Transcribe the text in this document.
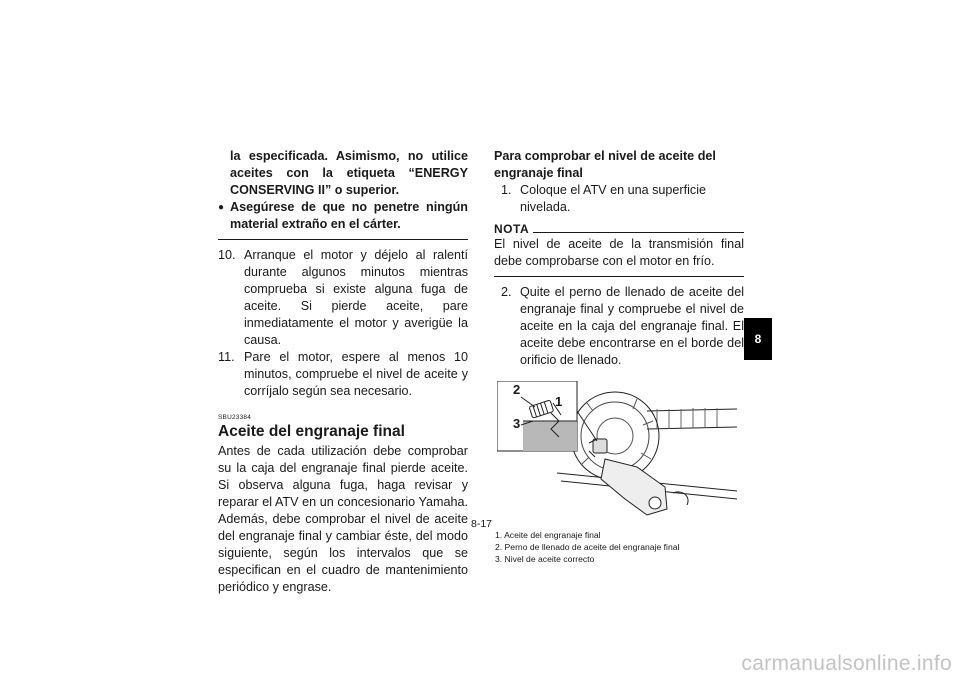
la especificada. Asimismo, no utilice aceites con la etiqueta “ENERGY CONSERVING II” o superior.
● Asegúrese de que no penetre ningún material extraño en el cárter.
10. Arranque el motor y déjelo al ralentí durante algunos minutos mientras comprueba si existe alguna fuga de aceite. Si pierde aceite, pare inmediatamente el motor y averigüe la causa.
11. Pare el motor, espere al menos 10 minutos, compruebe el nivel de aceite y corríjalo según sea necesario.
SBU23384
Aceite del engranaje final
Antes de cada utilización debe comprobar su la caja del engranaje final pierde aceite. Si observa alguna fuga, haga revisar y reparar el ATV en un concesionario Yamaha. Además, debe comprobar el nivel de aceite del engranaje final y cambiar éste, del modo siguiente, según los intervalos que se especifican en el cuadro de mantenimiento periódico y engrase.
Para comprobar el nivel de aceite del engranaje final
1. Coloque el ATV en una superficie nivelada.
NOTA
El nivel de aceite de la transmisión final debe comprobarse con el motor en frío.
2. Quite el perno de llenado de aceite del engranaje final y compruebe el nivel de aceite en la caja del engranaje final. El aceite debe encontrarse en el borde del orificio de llenado.
2
1
3
1. Aceite del engranaje final
2. Perno de llenado de aceite del engranaje final
3. Nivel de aceite correcto
8
8-17
carmanualsonline.info
